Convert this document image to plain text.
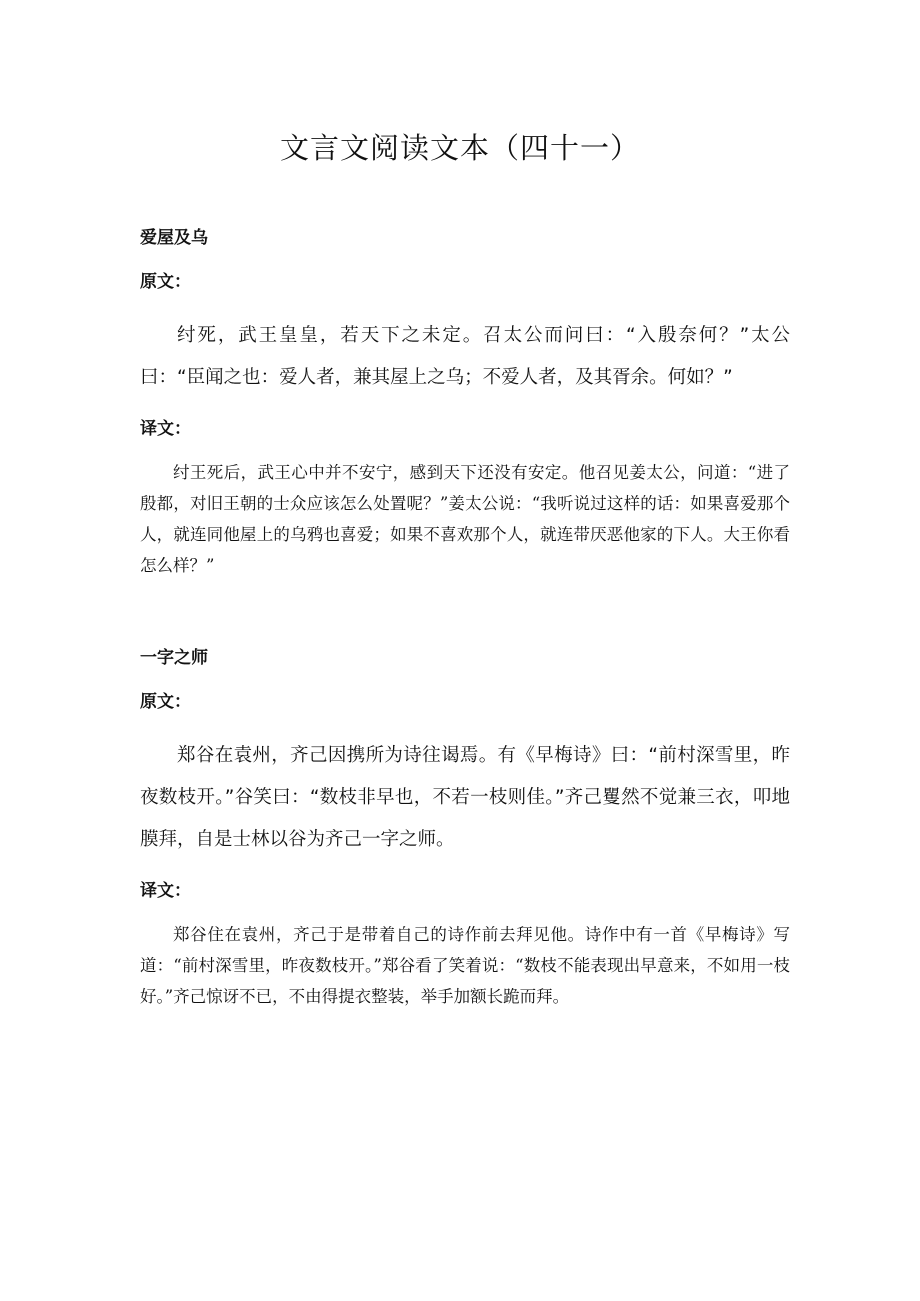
文言文阅读文本（四十一）
爱屋及乌
原文：

纣死，武王皇皇，若天下之未定。召太公而问曰：“入殷奈何？”太公曰：“臣闻之也：爱人者，兼其屋上之乌；不爱人者，及其胥余。何如？”

译文：

纣王死后，武王心中并不安宁，感到天下还没有安定。他召见姜太公，问道：“进了殷都，对旧王朝的士众应该怎么处置呢？”姜太公说：“我听说过这样的话：如果喜爱那个人，就连同他屋上的乌鸦也喜爱；如果不喜欢那个人，就连带厌恶他家的下人。大王你看怎么样？”

一字之师
原文：

郑谷在袁州，齐己因携所为诗往谒焉。有《早梅诗》曰：“前村深雪里，昨夜数枝开。”谷笑曰：“数枝非早也，不若一枝则佳。”齐己矍然不觉兼三衣，叩地膜拜，自是士林以谷为齐己一字之师。

译文：

郑谷住在袁州，齐己于是带着自己的诗作前去拜见他。诗作中有一首《早梅诗》写道：“前村深雪里，昨夜数枝开。”郑谷看了笑着说：“数枝不能表现出早意来，不如用一枝好。”齐己惊讶不已，不由得提衣整装，举手加额长跪而拜。
